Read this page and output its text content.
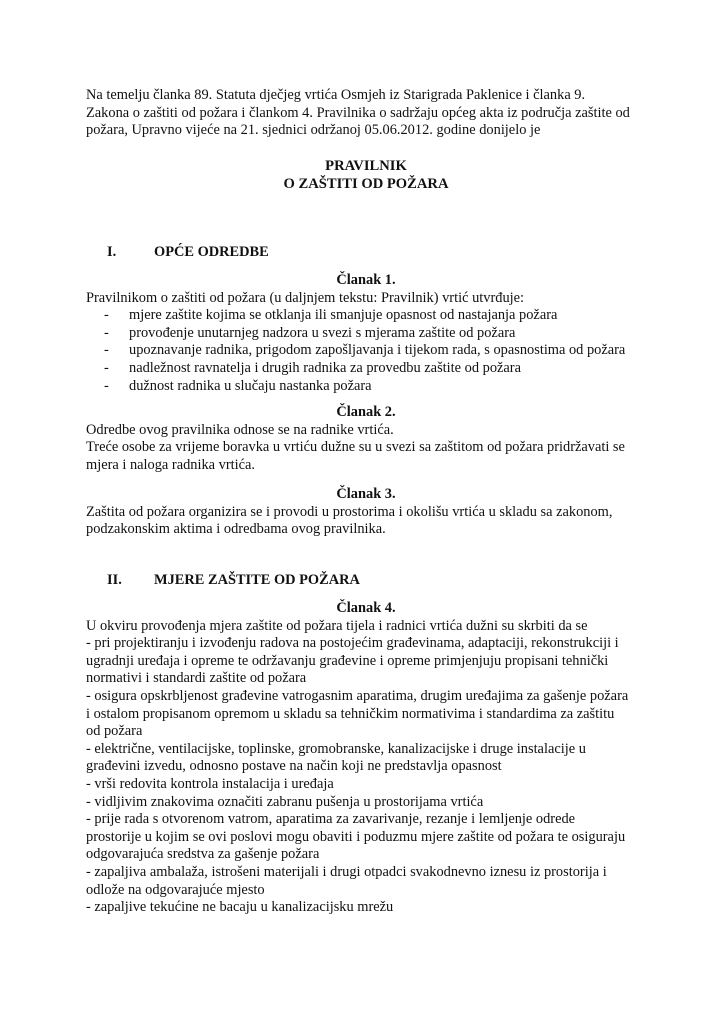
Na temelju članka 89. Statuta dječjeg vrtića Osmjeh iz Starigrada Paklenice i članka 9.
Zakona o zaštiti od požara i člankom 4. Pravilnika o sadržaju općeg akta iz područja zaštite od
požara, Upravno vijeće na 21. sjednici održanoj 05.06.2012. godine donijelo je
PRAVILNIK
O ZAŠTITI OD POŽARA
I.	OPĆE ODREDBE
Članak 1.
Pravilnikom o zaštiti od požara (u daljnjem tekstu: Pravilnik) vrtić utvrđuje:
- mjere zaštite kojima se otklanja ili smanjuje opasnost od nastajanja požara
- provođenje unutarnjeg nadzora u svezi s mjerama zaštite od požara
- upoznavanje radnika, prigodom zapošljavanja i tijekom rada, s opasnostima od požara
- nadležnost ravnatelja i drugih radnika za provedbu zaštite od požara
- dužnost radnika u slučaju nastanka požara
Članak 2.
Odredbe ovog pravilnika odnose se na radnike vrtića.
Treće osobe za vrijeme boravka u vrtiću dužne su u svezi sa zaštitom od požara pridržavati se
mjera i naloga radnika vrtića.
Članak 3.
Zaštita od požara organizira se i provodi u prostorima i okolišu vrtića u skladu sa zakonom,
podzakonskim aktima i odredbama ovog pravilnika.
II. MJERE ZAŠTITE OD POŽARA
Članak 4.
U okviru provođenja mjera zaštite od požara tijela i radnici vrtića dužni su skrbiti da se
- pri projektiranju i izvođenju radova na postojećim građevinama, adaptaciji, rekonstrukciji i
ugradnji uređaja i opreme te održavanju građevine i opreme primjenjuju propisani tehnički
normativi i standardi zaštite od požara
- osigura opskrbljenost građevine vatrogasnim aparatima, drugim uređajima za gašenje požara
i ostalom propisanom opremom u skladu sa tehničkim normativima i standardima za zaštitu
od požara
- električne, ventilacijske, toplinske, gromobranske, kanalizacijske i druge instalacije u
građevini izvedu, odnosno postave na način koji ne predstavlja opasnost
- vrši redovita kontrola instalacija i uređaja
- vidljivim znakovima označiti zabranu pušenja u prostorijama vrtića
- prije rada s otvorenom vatrom, aparatima za zavarivanje, rezanje i lemljenje odrede
prostorije u kojim se ovi poslovi mogu obaviti i poduzmu mjere zaštite od požara te osiguraju
odgovarajuća sredstva za gašenje požara
- zapaljiva ambalaža, istrošeni materijali i drugi otpadci svakodnevno iznesu iz prostorija i
odlože na odgovarajuće mjesto
- zapaljive tekućine ne bacaju u kanalizacijsku mrežu
